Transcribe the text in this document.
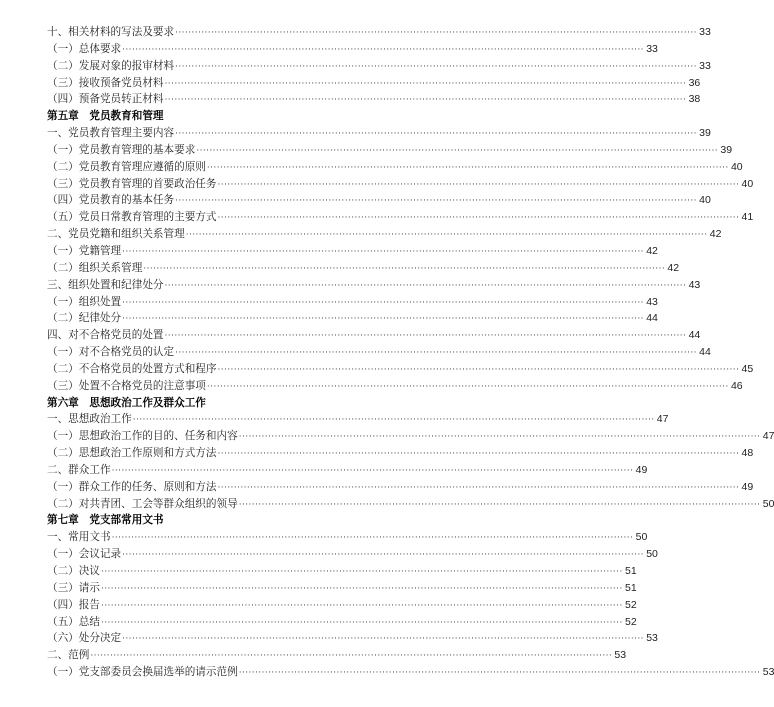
十、相关材料的写法及要求 ································································································································································ 33
（一）总体要求 ································································································································································ 33
（二）发展对象的报审材料 ································································································································································ 33
（三）接收预备党员材料 ································································································································································ 36
（四）预备党员转正材料 ································································································································································ 38
第五章　党员教育和管理
一、党员教育管理主要内容 ································································································································································ 39
（一）党员教育管理的基本要求 ································································································································································ 39
（二）党员教育管理应遵循的原则 ································································································································································ 40
（三）党员教育管理的首要政治任务 ································································································································································ 40
（四）党员教育的基本任务 ································································································································································ 40
（五）党员日常教育管理的主要方式 ································································································································································ 41
二、党员党籍和组织关系管理 ································································································································································ 42
（一）党籍管理 ································································································································································ 42
（二）组织关系管理 ································································································································································ 42
三、组织处置和纪律处分 ································································································································································ 43
（一）组织处置 ································································································································································ 43
（二）纪律处分 ································································································································································ 44
四、对不合格党员的处置 ································································································································································ 44
（一）对不合格党员的认定 ································································································································································ 44
（二）不合格党员的处置方式和程序 ································································································································································ 45
（三）处置不合格党员的注意事项 ································································································································································ 46
第六章　思想政治工作及群众工作
一、思想政治工作 ································································································································································ 47
（一）思想政治工作的目的、任务和内容 ································································································································································ 47
（二）思想政治工作原则和方式方法 ································································································································································ 48
二、群众工作 ································································································································································ 49
（一）群众工作的任务、原则和方法 ································································································································································ 49
（二）对共青团、工会等群众组织的领导 ································································································································································ 50
第七章　党支部常用文书
一、常用文书 ································································································································································ 50
（一）会议记录 ································································································································································ 50
（二）决议 ································································································································································ 51
（三）请示 ································································································································································ 51
（四）报告 ································································································································································ 52
（五）总结 ································································································································································ 52
（六）处分决定 ································································································································································ 53
二、范例 ································································································································································ 53
（一）党支部委员会换届选举的请示范例 ································································································································································ 53
